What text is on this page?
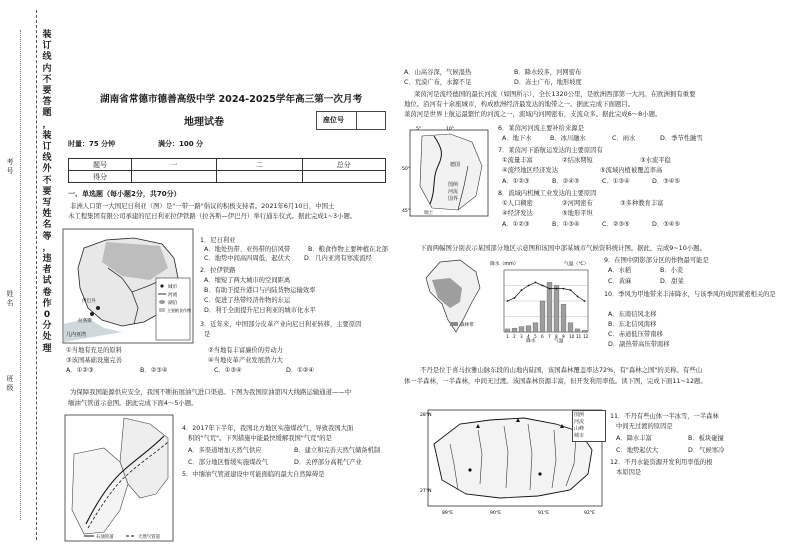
装
订
线
内
不
要
答
题
，
装
订
线
外
不
要
写
姓
名
等
，
违
者
试
卷
作
0
分
处
理
考号
姓名
班级
湖南省常德市德善高级中学 2024-2025学年高三第一次月考
地理试卷	座位号
时量：75 分钟	满分：100 分
题号	一	二	总分
得分			
一、单选题（每小题2分，共70分）
非洲人口第一大国尼日利亚（图）是"一带一路"倡议的积极支持者。2021年6月10日，中国土
木工程集团有限公司承建的尼日利亚拉伊铁路（拉各斯—伊巴丹）举行通车仪式。据此完成1~3小题。
城市
河流
湖泊
主要粮食作物
几内亚湾
伊巴丹
拉各斯
1．尼日利亚
A．地处热带、亚热带的信风带	B．粮食作物主要种植在北部
C．地势中间高四周低，起伏大 D．几内亚湾有寒流流经
2．拉伊铁路
A．缩短了两大城市的空间距离
B．有助于提升港口与内陆货物运输效率
C．促进了热带经济作物的东运
D．利于全面提升尼日利亚的城市化水平
3．近年来，中国部分皮革产业向尼日利亚转移，主要原因
是
①当地有充足的原料	②当地有丰富廉价的劳动力
③该国基础设施完善	④当地皮革产业发展潜力大
A．①②③	B．②③④	C．①③④	D．①②④
为保障我国能源供应安全，我国不断拓展油气进口渠道。下图为我国原油第四大线路运输通道——中
缅油气管道示意图。据此完成下面4～5小题。
石油管道	天然气管道
4．2017年下半年，我国北方地区实施煤改气，导致我国大面
积的"气荒"。下列措施中能最快缓解我国"气荒"的是
A．多渠道增加天然气供应	B．建立和完善天然气储备机制
C．部分地区暂缓实施煤改气	D．关停部分高耗气产业
5．中缅油气管道建设中可能面临的最大自然障碍是
A．山高谷深，气候湿热	B．降水较多，河网密布
C．荒漠广布，水源不足	D．冻土广布，地形坡度
莱茵河是流经德国的最长河流（如图所示），全长1320公里，是欧洲西部第一大河。在欧洲拥有重要
地位。沿河有十余座城市，构成欧洲经济最发达的地带之一。据此完成下面题目。
莱茵河是世界上航运最繁忙的河流之一，流域内河网密布，支流众多。据此完成6～8小题。
德国
瑞士
50°
45°
5°	10°
图例
河流
国界
6．莱茵河河流主要补给来源是
A．地下水	B．冰川融水	C．雨水	D．季节性融雪
7．莱茵河下游航运发达的主要原因有
①流量丰富	②结冰期短	③水流平稳
④流经地区经济发达	⑤流域内植被覆盖率高
A．①②③	B．②④⑤	C．①③④	D．③④⑤
8．流域内机械工业发达的主要原因
①人口稠密	②河网密布	③多种教育丰富
④经济发达	⑤地形平坦
A．①②③	B．①③④	C．②③⑤	D．③④⑤
下面两幅图分别表示某国部分地区示意图和该国中部某城市气候资料统计图。据此，完成9~10小题。
森林带
降水（mm）	气温（℃）
1 2 3 4 5 6 7 8 9 10 11 12
降水	气温
9．在图中阴影部分区的作物最可能是
A．水稻	B．小麦
C．黄麻	D．甜菜
10．季风为甲地带来丰沛降水，与该季风的成因紧密相关的是
A．东南信风北移
B．东北信风南移
C．赤道低压带南移
D．副热带高压带南移
不丹是位于喜马拉雅山脉东段的山地内陆国，该国森林覆盖率达72%，有"森林之国"的美称。有些山
体一半森林，一半森林，中间无过渡。该国森林资源丰富，但开发利用率低。读下图，完成下面11~12题。
28°N
27°N
89°E	90°E	91°E	92°E
图例
河流
山峰
城市
11．不丹有些山体一半冰雪，一半森林
中间无过渡的原因是
A．降水丰富	B．板块碰撞
C．地势起伏大	D．气候寒冷
12．不丹水能资源开发利用率低的根
本原因是
